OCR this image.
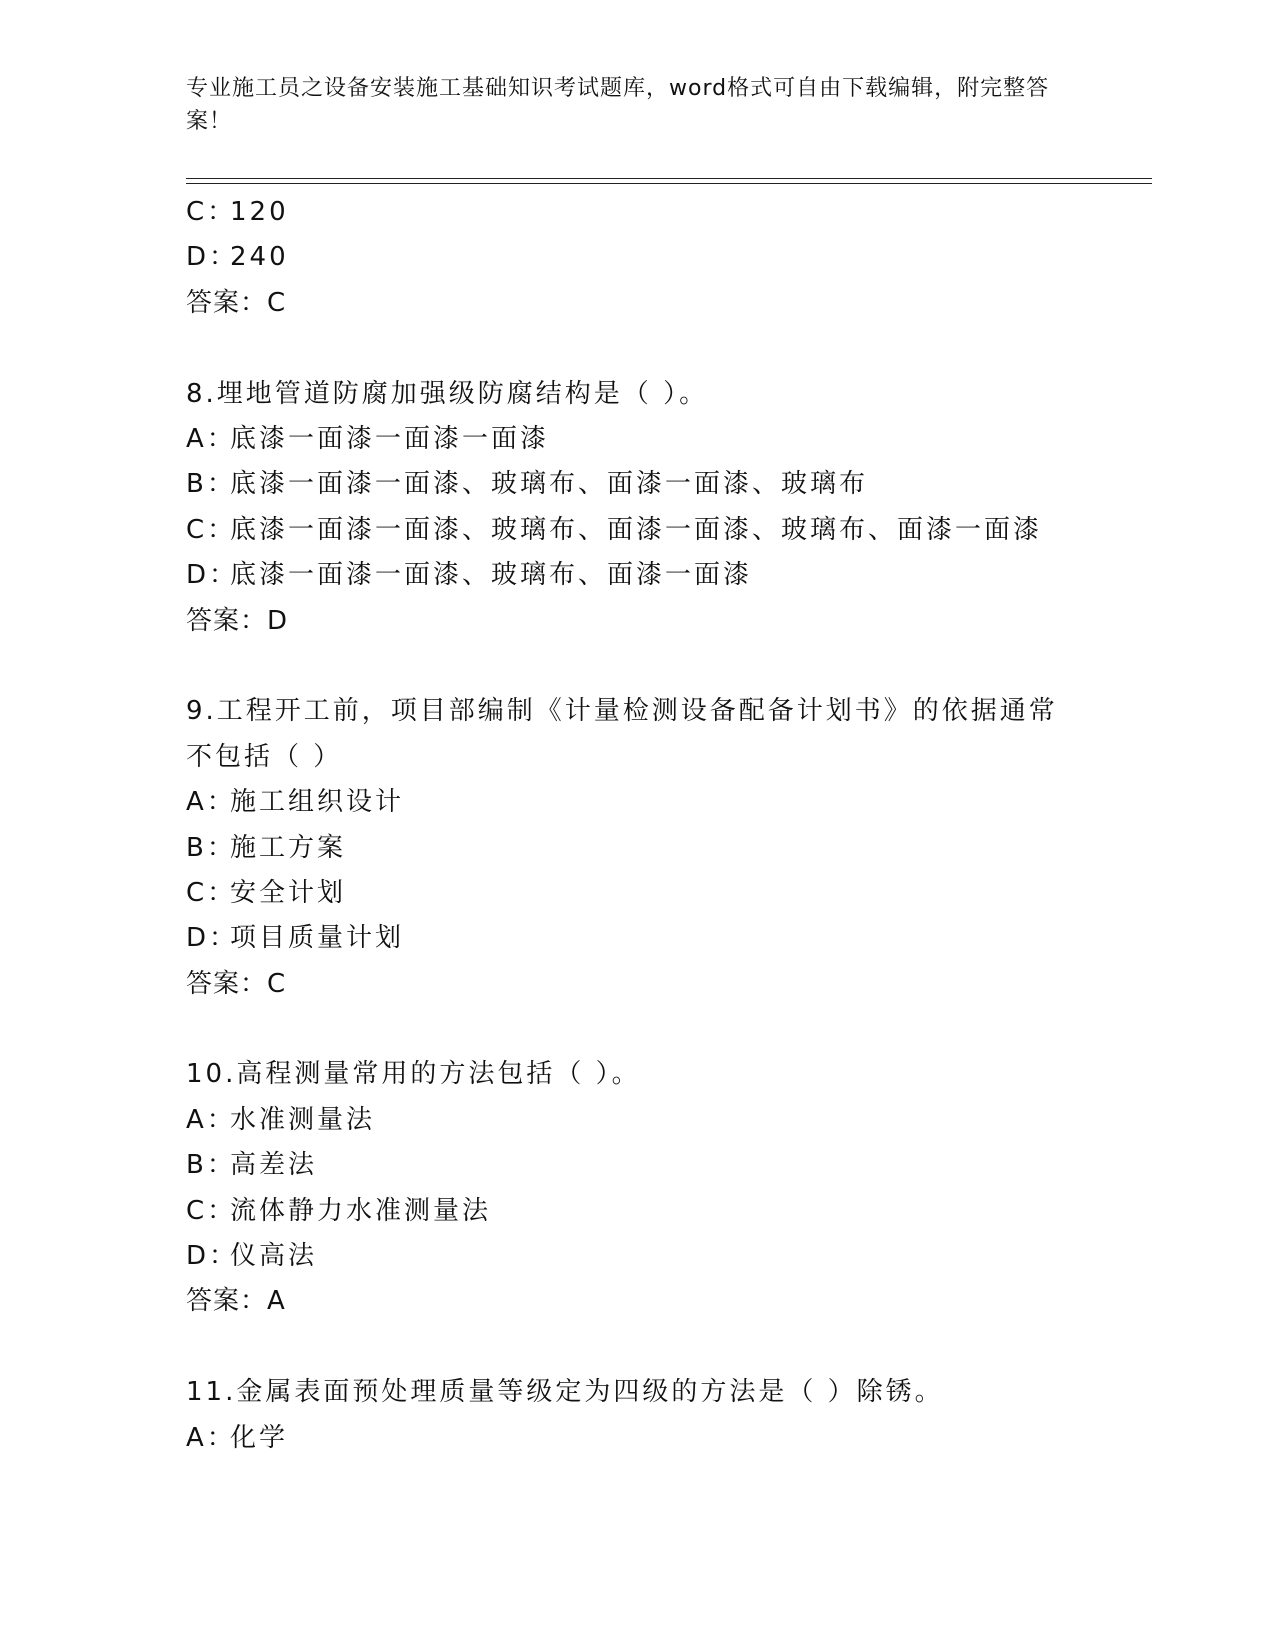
专业施工员之设备安装施工基础知识考试题库，word格式可自由下载编辑，附完整答案！
C：120
D：240
答案：C
8.埋地管道防腐加强级防腐结构是（ ）。
A：底漆一面漆一面漆一面漆
B：底漆一面漆一面漆、玻璃布、面漆一面漆、玻璃布
C：底漆一面漆一面漆、玻璃布、面漆一面漆、玻璃布、面漆一面漆
D：底漆一面漆一面漆、玻璃布、面漆一面漆
答案：D
9.工程开工前，项目部编制《计量检测设备配备计划书》的依据通常不包括（ ）
A：施工组织设计
B：施工方案
C：安全计划
D：项目质量计划
答案：C
10.高程测量常用的方法包括（ ）。
A：水准测量法
B：高差法
C：流体静力水准测量法
D：仪高法
答案：A
11.金属表面预处理质量等级定为四级的方法是（ ）除锈。
A：化学
